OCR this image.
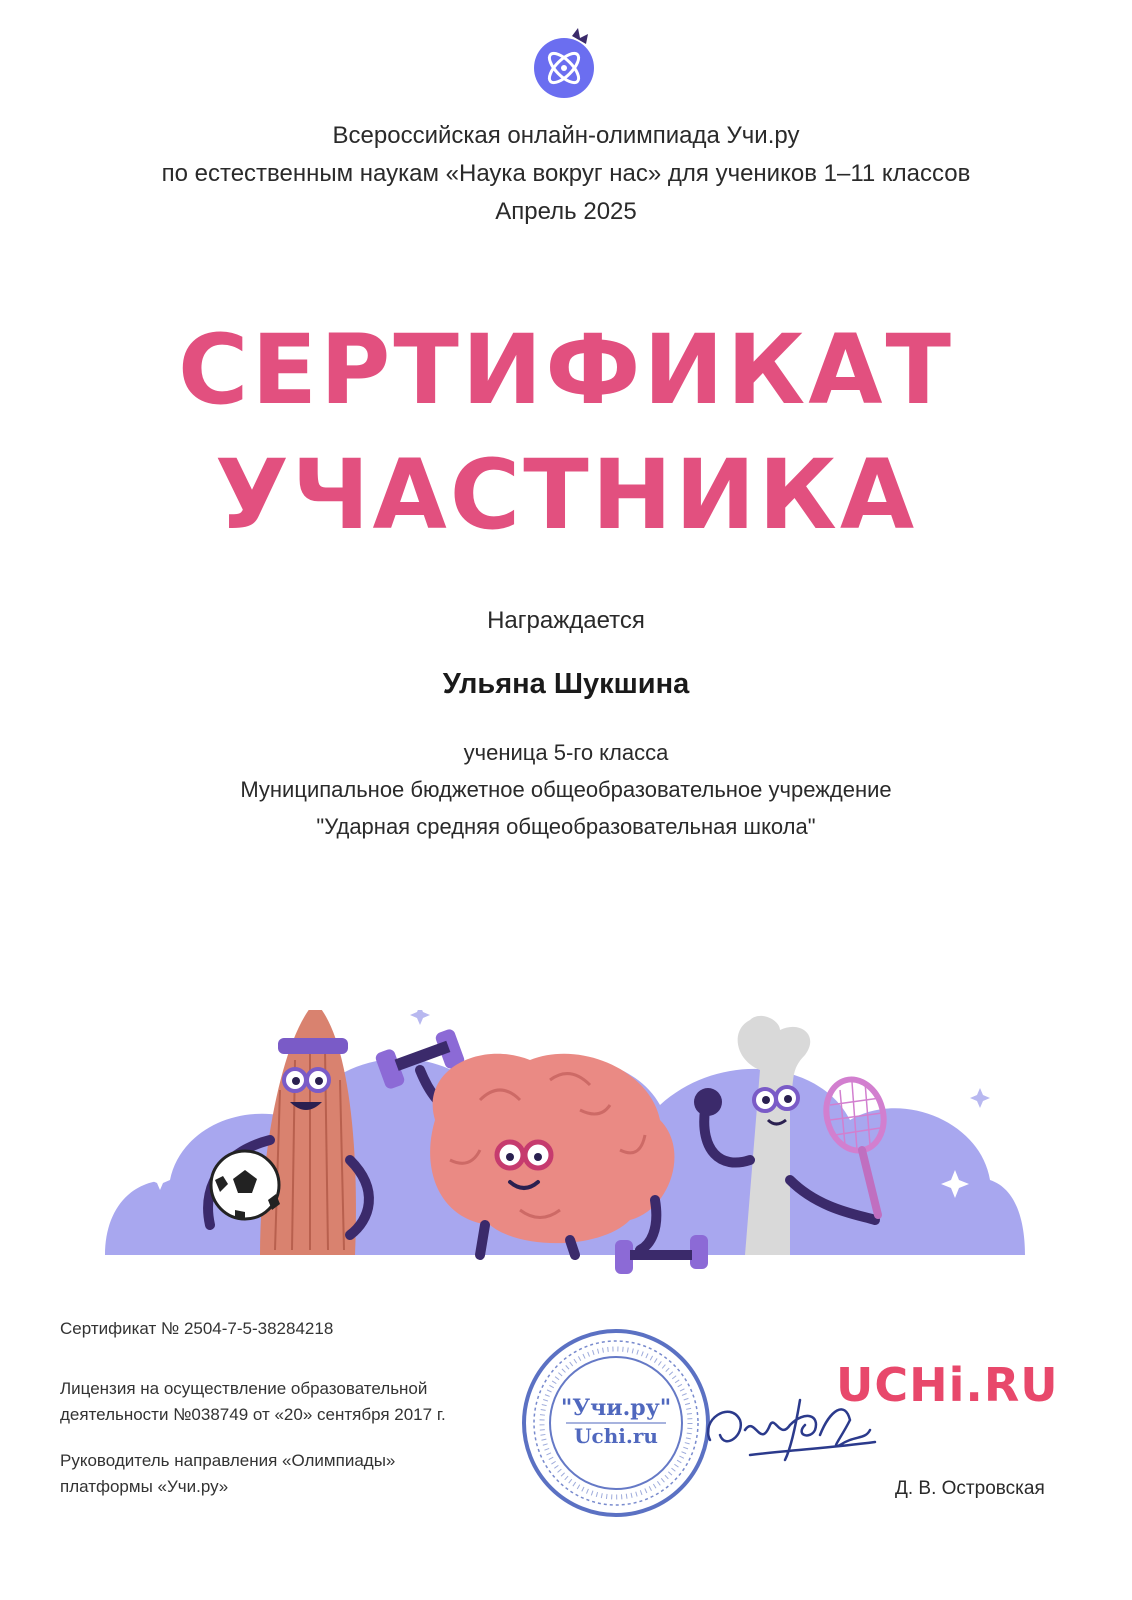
Всероссийская онлайн-олимпиада Учи.ру
по естественным наукам «Наука вокруг нас» для учеников 1–11 классов
Апрель 2025
СЕРТИФИКАТ
УЧАСТНИКА
Награждается
Ульяна Шукшина
ученица 5-го класса
Муниципальное бюджетное общеобразовательное учреждение
"Ударная средняя общеобразовательная школа"
Сертификат № 2504-7-5-38284218
Лицензия на осуществление образовательной
деятельности №038749 от «20» сентября 2017 г.
Руководитель направления «Олимпиады»
платформы «Учи.ру»
"Учи.ру"
Uchi.ru
UCHi.RU
Д. В. Островская
